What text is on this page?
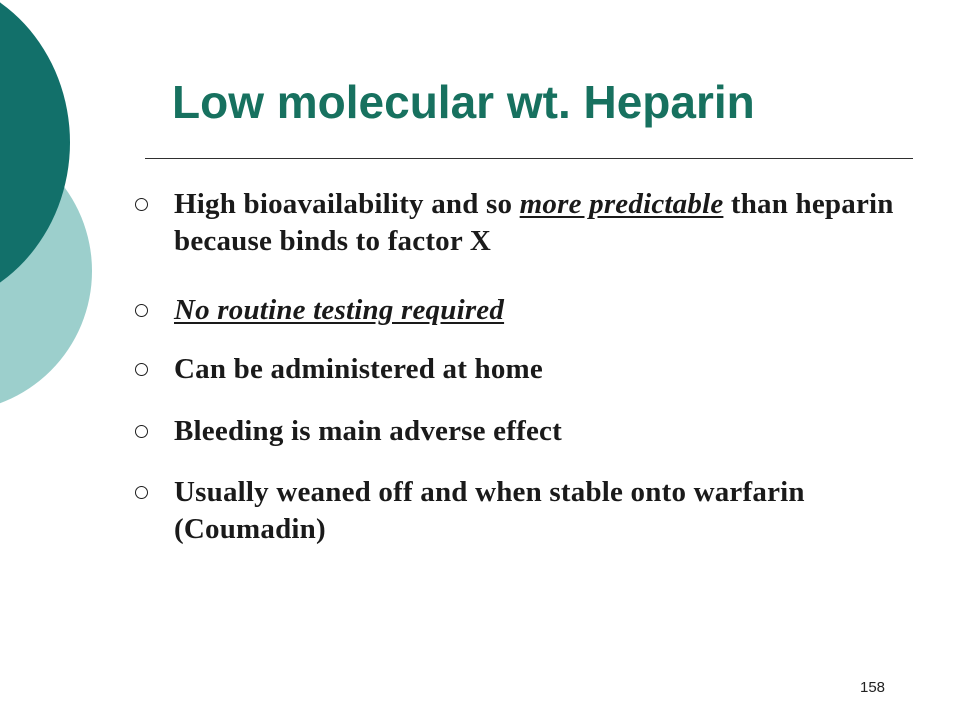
Low molecular wt. Heparin
High bioavailability and so more predictable than heparin because binds to factor X
No routine testing required
Can be administered at home
Bleeding is main adverse effect
Usually weaned off and when stable onto warfarin (Coumadin)
158
